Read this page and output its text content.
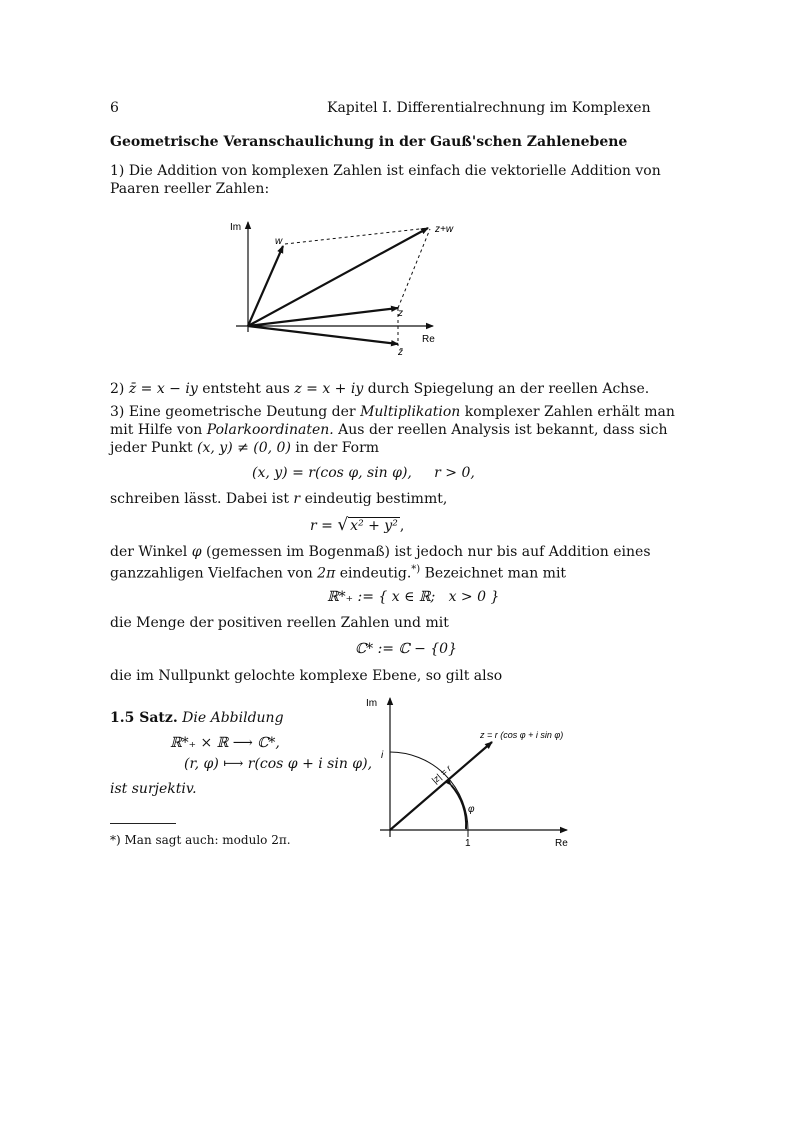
6	Kapitel I. Differentialrechnung im Komplexen
Geometrische Veranschaulichung in der Gauß'schen Zahlenebene
1) Die Addition von komplexen Zahlen ist einfach die vektorielle Addition von
Paaren reeller Zahlen:
Im
Re
w
z+w
z
z̄
2) z̄ = x − iy entsteht aus z = x + iy durch Spiegelung an der reellen Achse.
3) Eine geometrische Deutung der Multiplikation komplexer Zahlen erhält man
mit Hilfe von Polarkoordinaten. Aus der reellen Analysis ist bekannt, dass sich
jeder Punkt (x, y) ≠ (0, 0) in der Form
(x, y) = r(cos φ, sin φ),     r > 0,
schreiben lässt. Dabei ist r eindeutig bestimmt,
r = √ x² + y² ,
der Winkel φ (gemessen im Bogenmaß) ist jedoch nur bis auf Addition eines
ganzzahligen Vielfachen von 2π eindeutig.*) Bezeichnet man mit
ℝ*₊ := { x ∈ ℝ;   x > 0 }
die Menge der positiven reellen Zahlen und mit
ℂ* := ℂ − {0}
die im Nullpunkt gelochte komplexe Ebene, so gilt also
1.5 Satz. Die Abbildung
ℝ*₊ × ℝ ⟶ ℂ*,
(r, φ) ⟼ r(cos φ + i sin φ),
ist surjektiv.
Im
Re
i
1
φ
|z| = r
z = r (cos φ + i sin φ)
*) Man sagt auch: modulo 2π.
